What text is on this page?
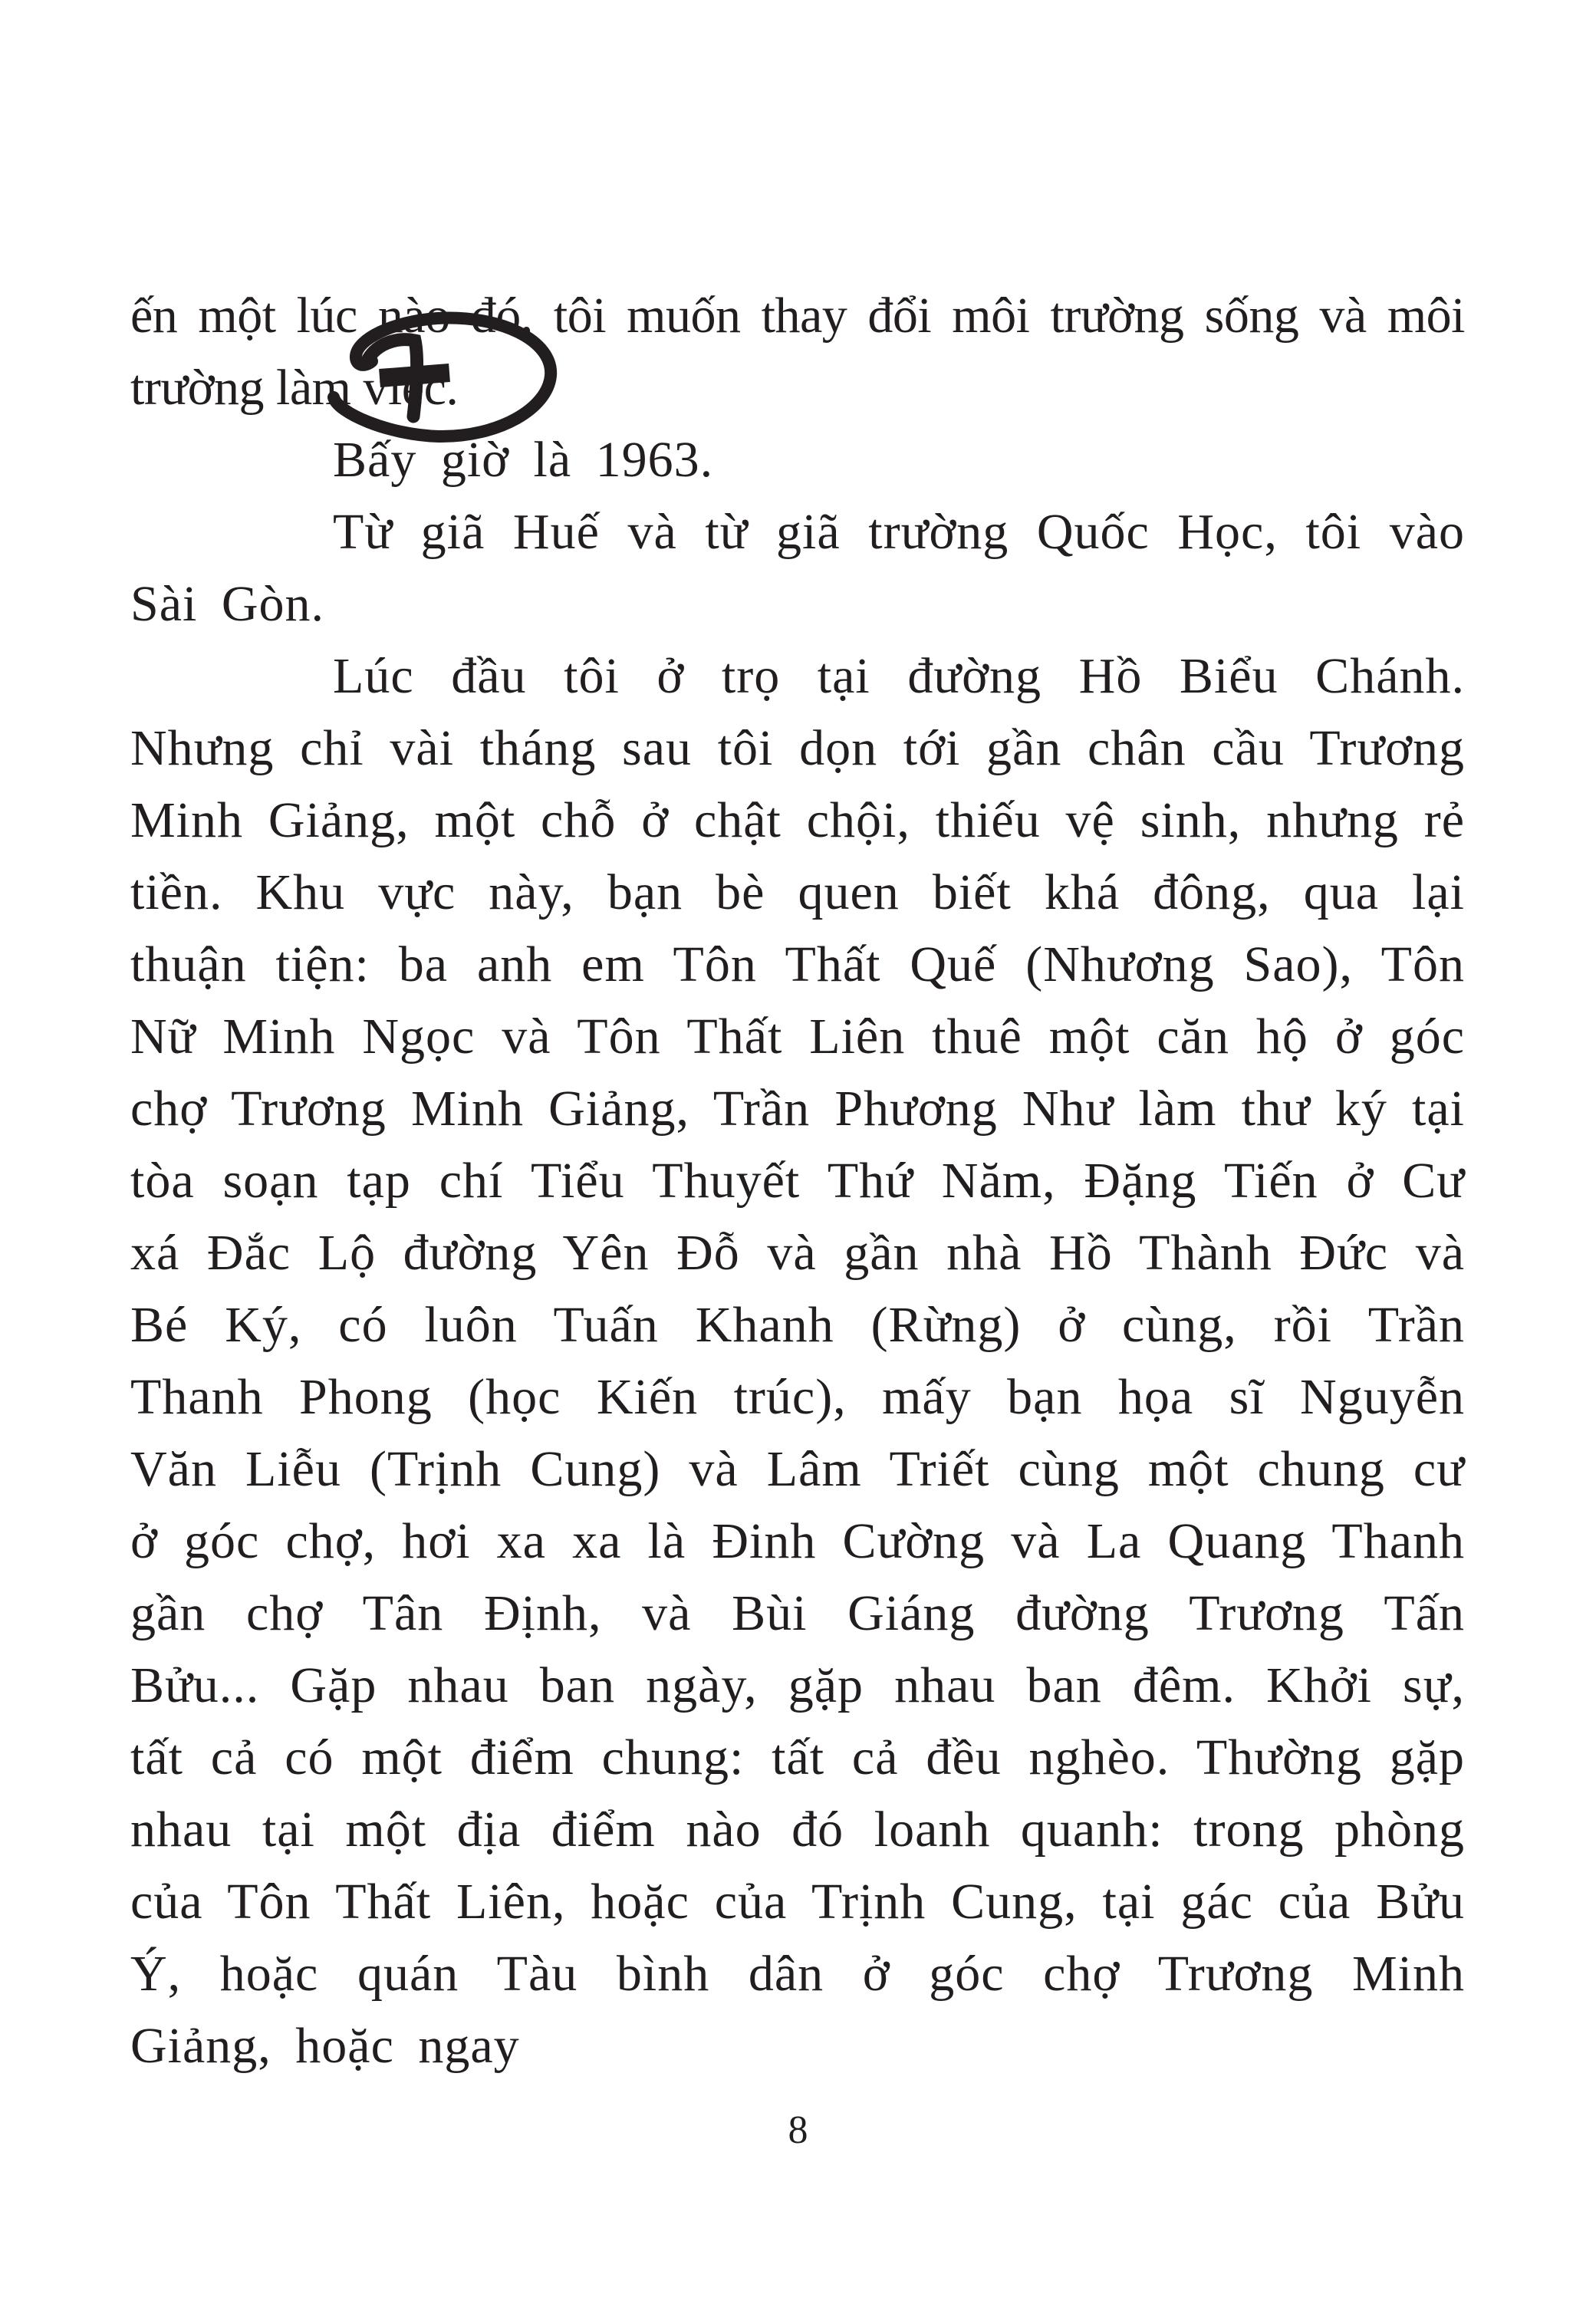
ến một lúc nào đó, tôi muốn thay đổi môi trường sống và môi trường làm việc.

Bấy giờ là 1963.

Từ giã Huế và từ giã trường Quốc Học, tôi vào Sài Gòn.

Lúc đầu tôi ở trọ tại đường Hồ Biểu Chánh. Nhưng chỉ vài tháng sau tôi dọn tới gần chân cầu Trương Minh Giảng, một chỗ ở chật chội, thiếu vệ sinh, nhưng rẻ tiền. Khu vực này, bạn bè quen biết khá đông, qua lại thuận tiện: ba anh em Tôn Thất Quế (Nhương Sao), Tôn Nữ Minh Ngọc và Tôn Thất Liên thuê một căn hộ ở góc chợ Trương Minh Giảng, Trần Phương Như làm thư ký tại tòa soạn tạp chí Tiểu Thuyết Thứ Năm, Đặng Tiến ở Cư xá Đắc Lộ đường Yên Đỗ và gần nhà Hồ Thành Đức và Bé Ký, có luôn Tuấn Khanh (Rừng) ở cùng, rồi Trần Thanh Phong (học Kiến trúc), mấy bạn họa sĩ Nguyễn Văn Liễu (Trịnh Cung) và Lâm Triết cùng một chung cư ở góc chợ, hơi xa xa là Đinh Cường và La Quang Thanh gần chợ Tân Định, và Bùi Giáng đường Trương Tấn Bửu... Gặp nhau ban ngày, gặp nhau ban đêm. Khởi sự, tất cả có một điểm chung: tất cả đều nghèo. Thường gặp nhau tại một địa điểm nào đó loanh quanh: trong phòng của Tôn Thất Liên, hoặc của Trịnh Cung, tại gác của Bửu Ý, hoặc quán Tàu bình dân ở góc chợ Trương Minh Giảng, hoặc ngay

8
